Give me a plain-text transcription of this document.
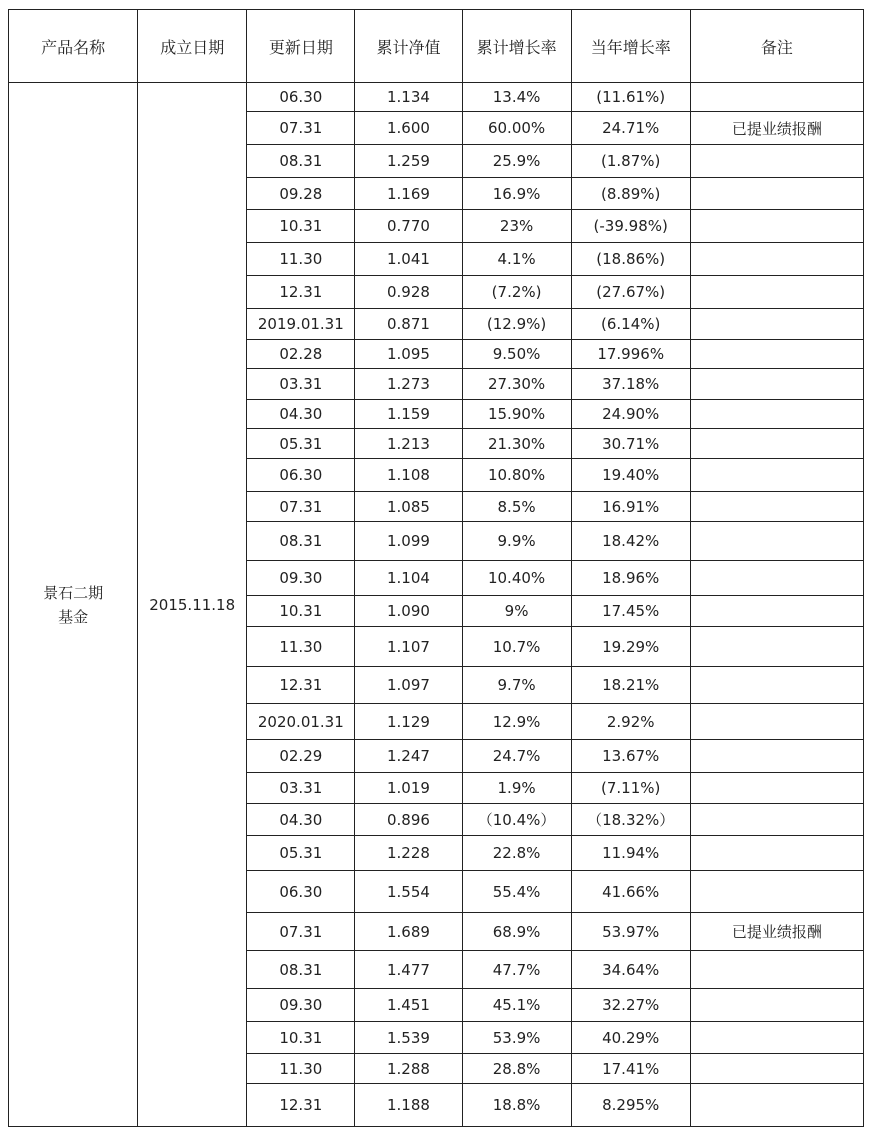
产品名称	成立日期	更新日期	累计净值	累计增长率	当年增长率	备注

景石二期
基金	2015.11.18	06.30	1.134	13.4%	(11.61%)	
		07.31	1.600	60.00%	24.71%	已提业绩报酬
		08.31	1.259	25.9%	(1.87%)	
		09.28	1.169	16.9%	(8.89%)	
		10.31	0.770	23%	(-39.98%)	
		11.30	1.041	4.1%	(18.86%)	
		12.31	0.928	(7.2%)	(27.67%)	
		2019.01.31	0.871	(12.9%)	(6.14%)	
		02.28	1.095	9.50%	17.996%	
		03.31	1.273	27.30%	37.18%	
		04.30	1.159	15.90%	24.90%	
		05.31	1.213	21.30%	30.71%	
		06.30	1.108	10.80%	19.40%	
		07.31	1.085	8.5%	16.91%	
		08.31	1.099	9.9%	18.42%	
		09.30	1.104	10.40%	18.96%	
		10.31	1.090	9%	17.45%	
		11.30	1.107	10.7%	19.29%	
		12.31	1.097	9.7%	18.21%	
		2020.01.31	1.129	12.9%	2.92%	
		02.29	1.247	24.7%	13.67%	
		03.31	1.019	1.9%	(7.11%)	
		04.30	0.896	（10.4%）	（18.32%）	
		05.31	1.228	22.8%	11.94%	
		06.30	1.554	55.4%	41.66%	
		07.31	1.689	68.9%	53.97%	已提业绩报酬
		08.31	1.477	47.7%	34.64%	
		09.30	1.451	45.1%	32.27%	
		10.31	1.539	53.9%	40.29%	
		11.30	1.288	28.8%	17.41%	
		12.31	1.188	18.8%	8.295%	
